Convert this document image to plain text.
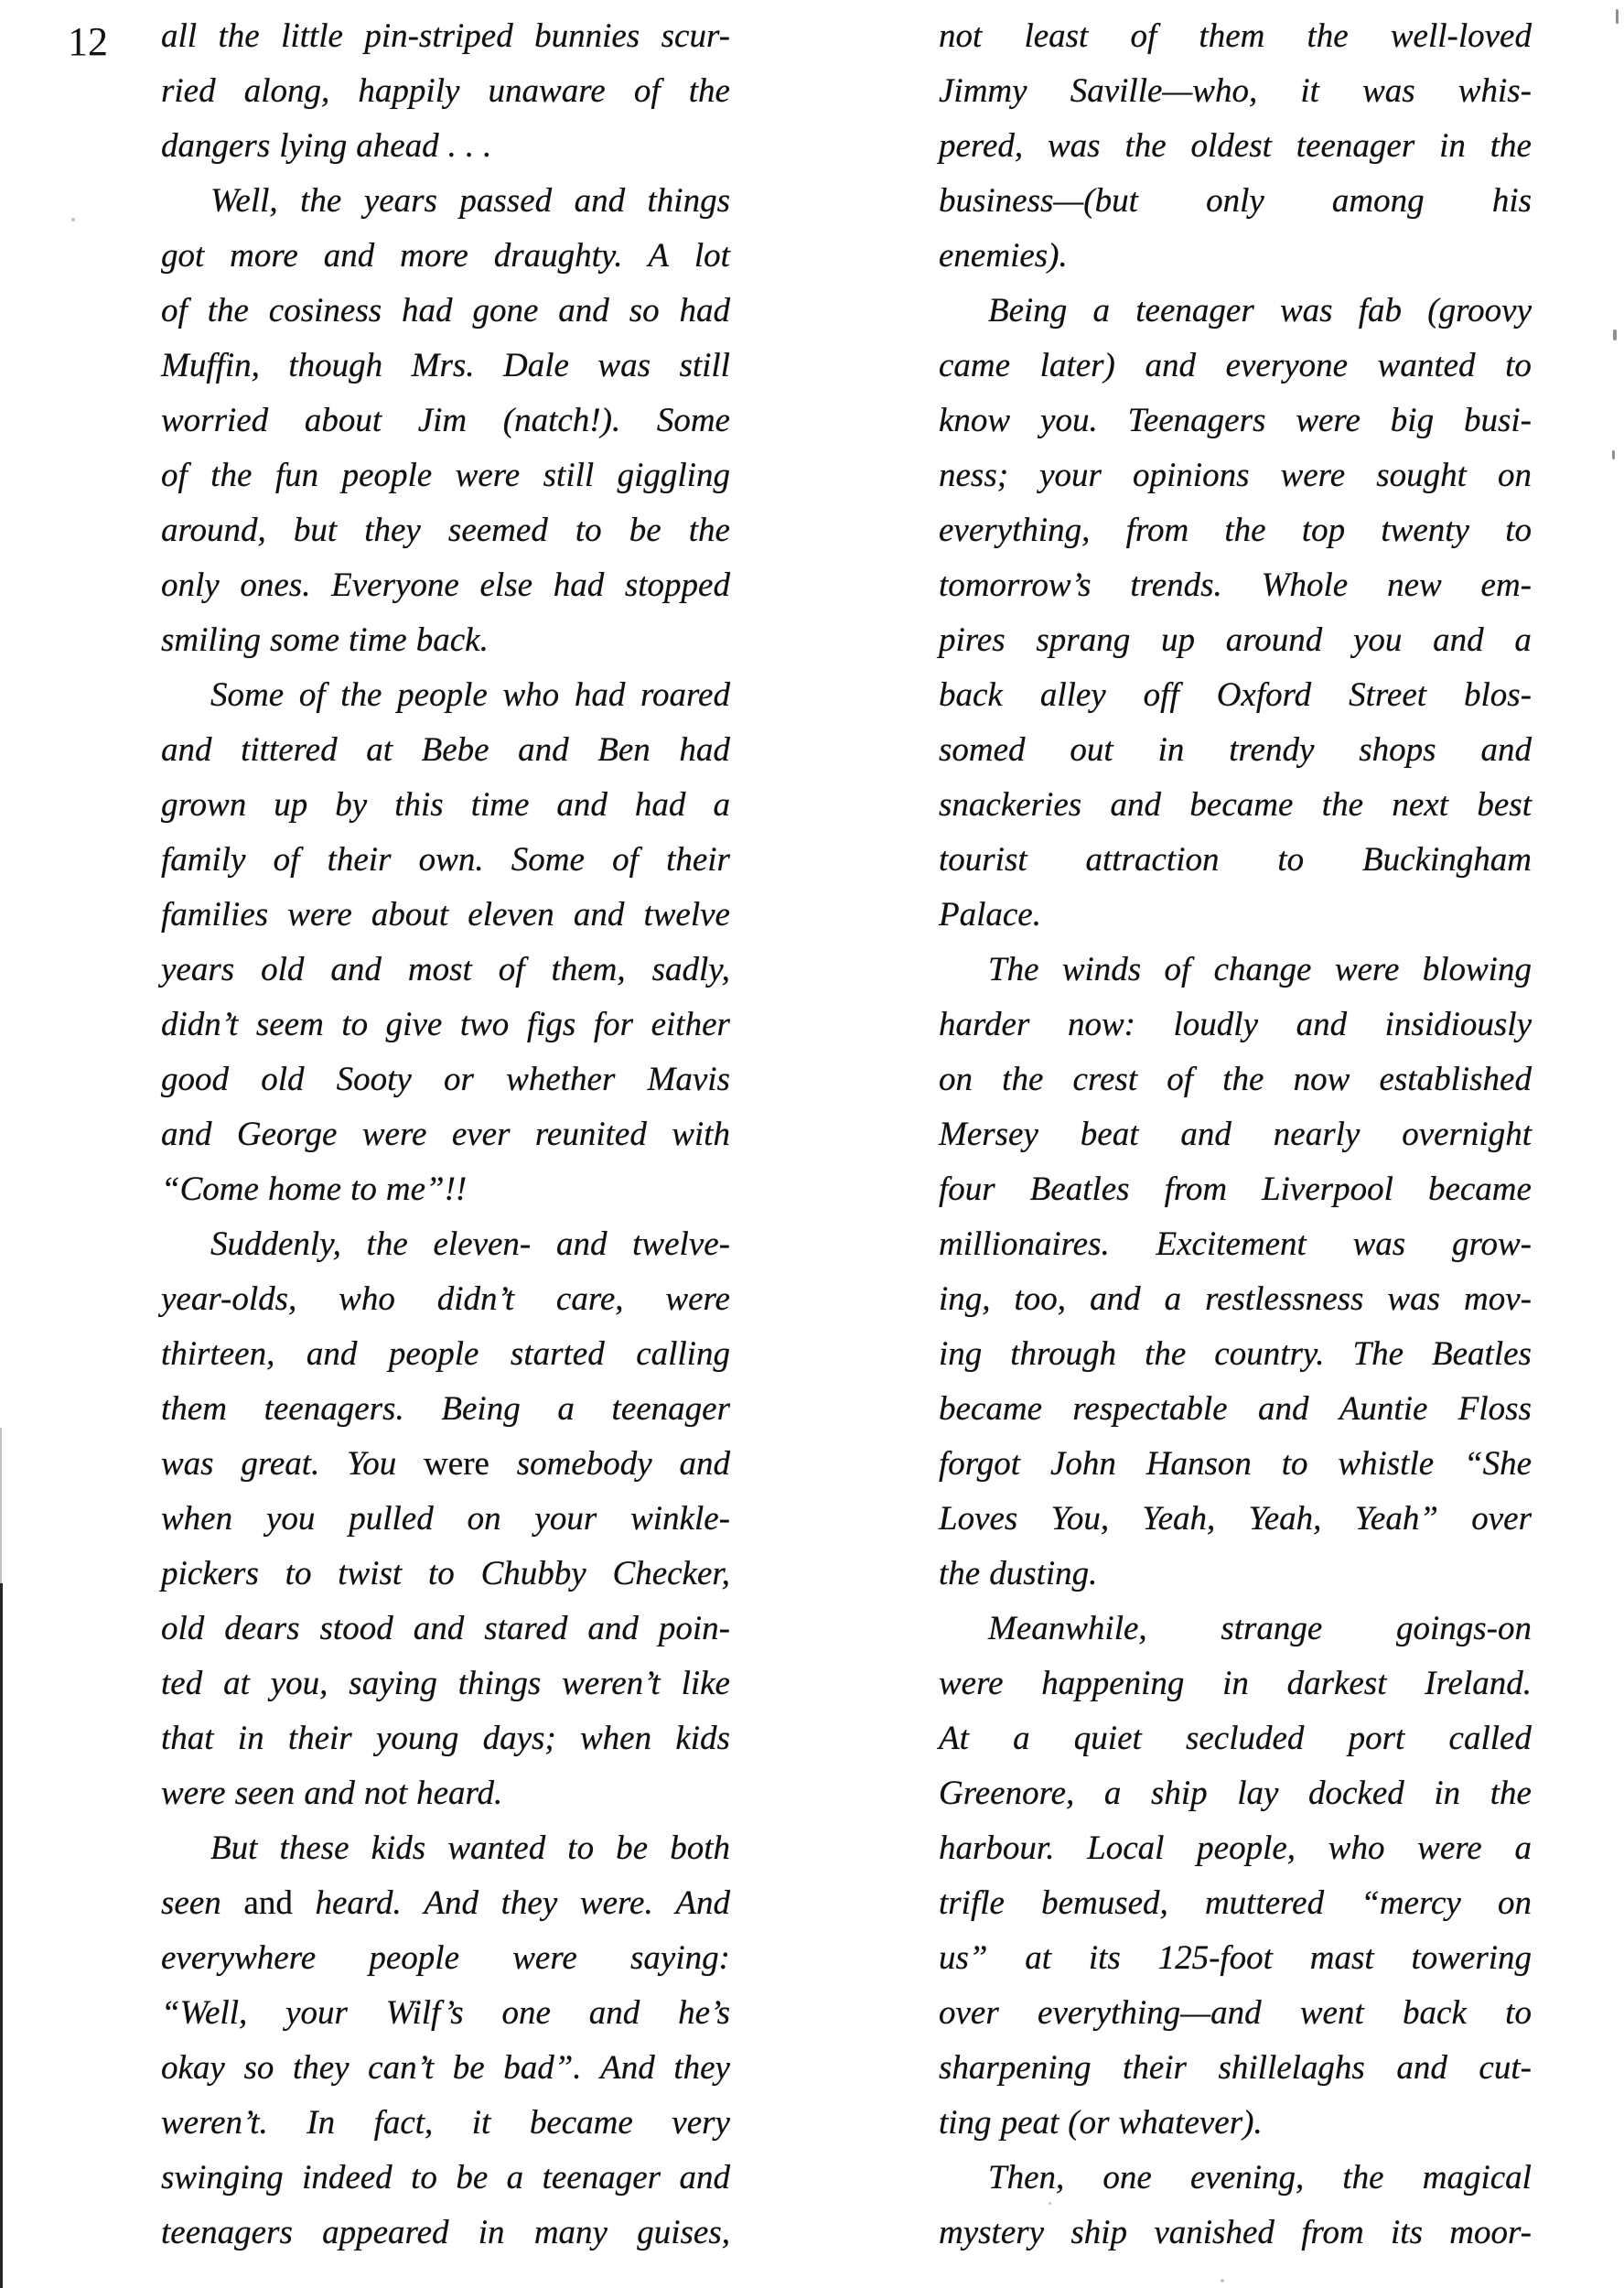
12 all the little pin-striped bunnies scur-
ried along, happily unaware of the
dangers lying ahead . . .
Well, the years passed and things
got more and more draughty. A lot
of the cosiness had gone and so had
Muffin, though Mrs. Dale was still
worried about Jim (natch!). Some
of the fun people were still giggling
around, but they seemed to be the
only ones. Everyone else had stopped
smiling some time back.
Some of the people who had roared
and tittered at Bebe and Ben had
grown up by this time and had a
family of their own. Some of their
families were about eleven and twelve
years old and most of them, sadly,
didn’t seem to give two figs for either
good old Sooty or whether Mavis
and George were ever reunited with
“Come home to me”!!
Suddenly, the eleven- and twelve-
year-olds, who didn’t care, were
thirteen, and people started calling
them teenagers. Being a teenager
was great. You were somebody and
when you pulled on your winkle-
pickers to twist to Chubby Checker,
old dears stood and stared and poin-
ted at you, saying things weren’t like
that in their young days; when kids
were seen and not heard.
But these kids wanted to be both
seen and heard. And they were. And
everywhere people were saying:
“Well, your Wilf’s one and he’s
okay so they can’t be bad”. And they
weren’t. In fact, it became very
swinging indeed to be a teenager and
teenagers appeared in many guises,
not least of them the well-loved
Jimmy Saville—who, it was whis-
pered, was the oldest teenager in the
business—(but only among his
enemies).
Being a teenager was fab (groovy
came later) and everyone wanted to
know you. Teenagers were big busi-
ness; your opinions were sought on
everything, from the top twenty to
tomorrow’s trends. Whole new em-
pires sprang up around you and a
back alley off Oxford Street blos-
somed out in trendy shops and
snackeries and became the next best
tourist attraction to Buckingham
Palace.
The winds of change were blowing
harder now: loudly and insidiously
on the crest of the now established
Mersey beat and nearly overnight
four Beatles from Liverpool became
millionaires. Excitement was grow-
ing, too, and a restlessness was mov-
ing through the country. The Beatles
became respectable and Auntie Floss
forgot John Hanson to whistle “She
Loves You, Yeah, Yeah, Yeah” over
the dusting.
Meanwhile, strange goings-on
were happening in darkest Ireland.
At a quiet secluded port called
Greenore, a ship lay docked in the
harbour. Local people, who were a
trifle bemused, muttered “mercy on
us” at its 125-foot mast towering
over everything—and went back to
sharpening their shillelaghs and cut-
ting peat (or whatever).
Then, one evening, the magical
mystery ship vanished from its moor-
